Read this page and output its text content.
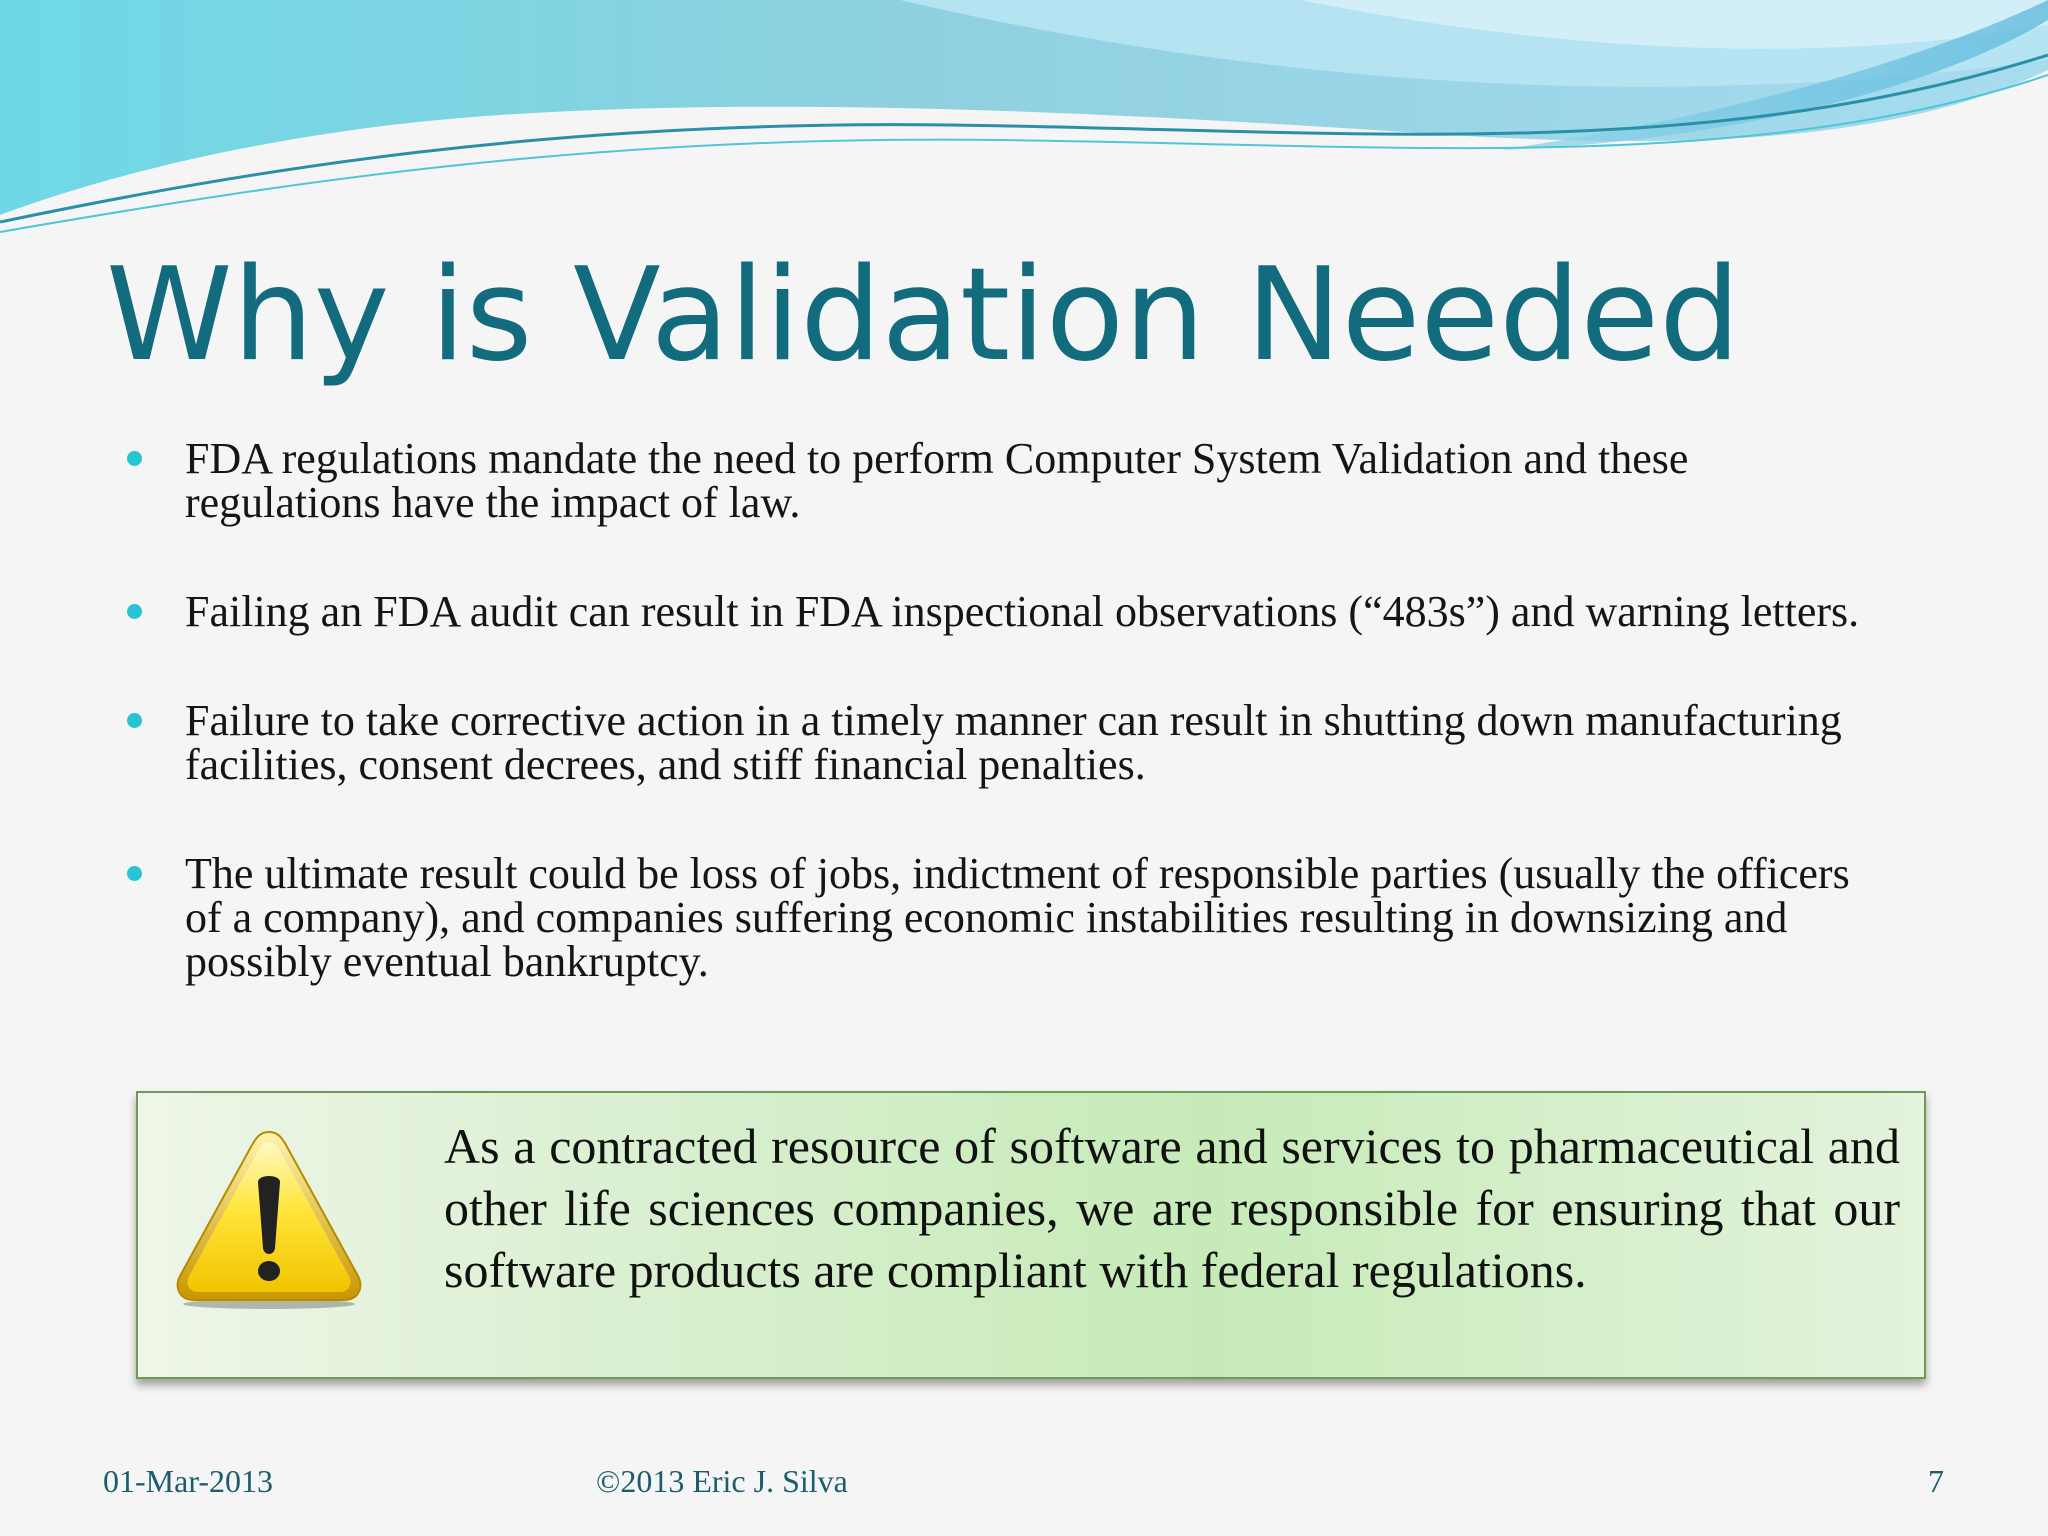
Why is Validation Needed
FDA regulations mandate the need to perform Computer System Validation and these regulations have the impact of law.
Failing an FDA audit can result in FDA inspectional observations (“483s”) and warning letters.
Failure to take corrective action in a timely manner can result in shutting down manufacturing facilities, consent decrees, and stiff financial penalties.
The ultimate result could be loss of jobs, indictment of responsible parties (usually the officers of a company), and companies suffering economic instabilities resulting in downsizing and possibly eventual bankruptcy.

As a contracted resource of software and services to pharmaceutical and other life sciences companies, we are responsible for ensuring that our software products are compliant with federal regulations.

01-Mar-2013	©2013 Eric J. Silva	7
